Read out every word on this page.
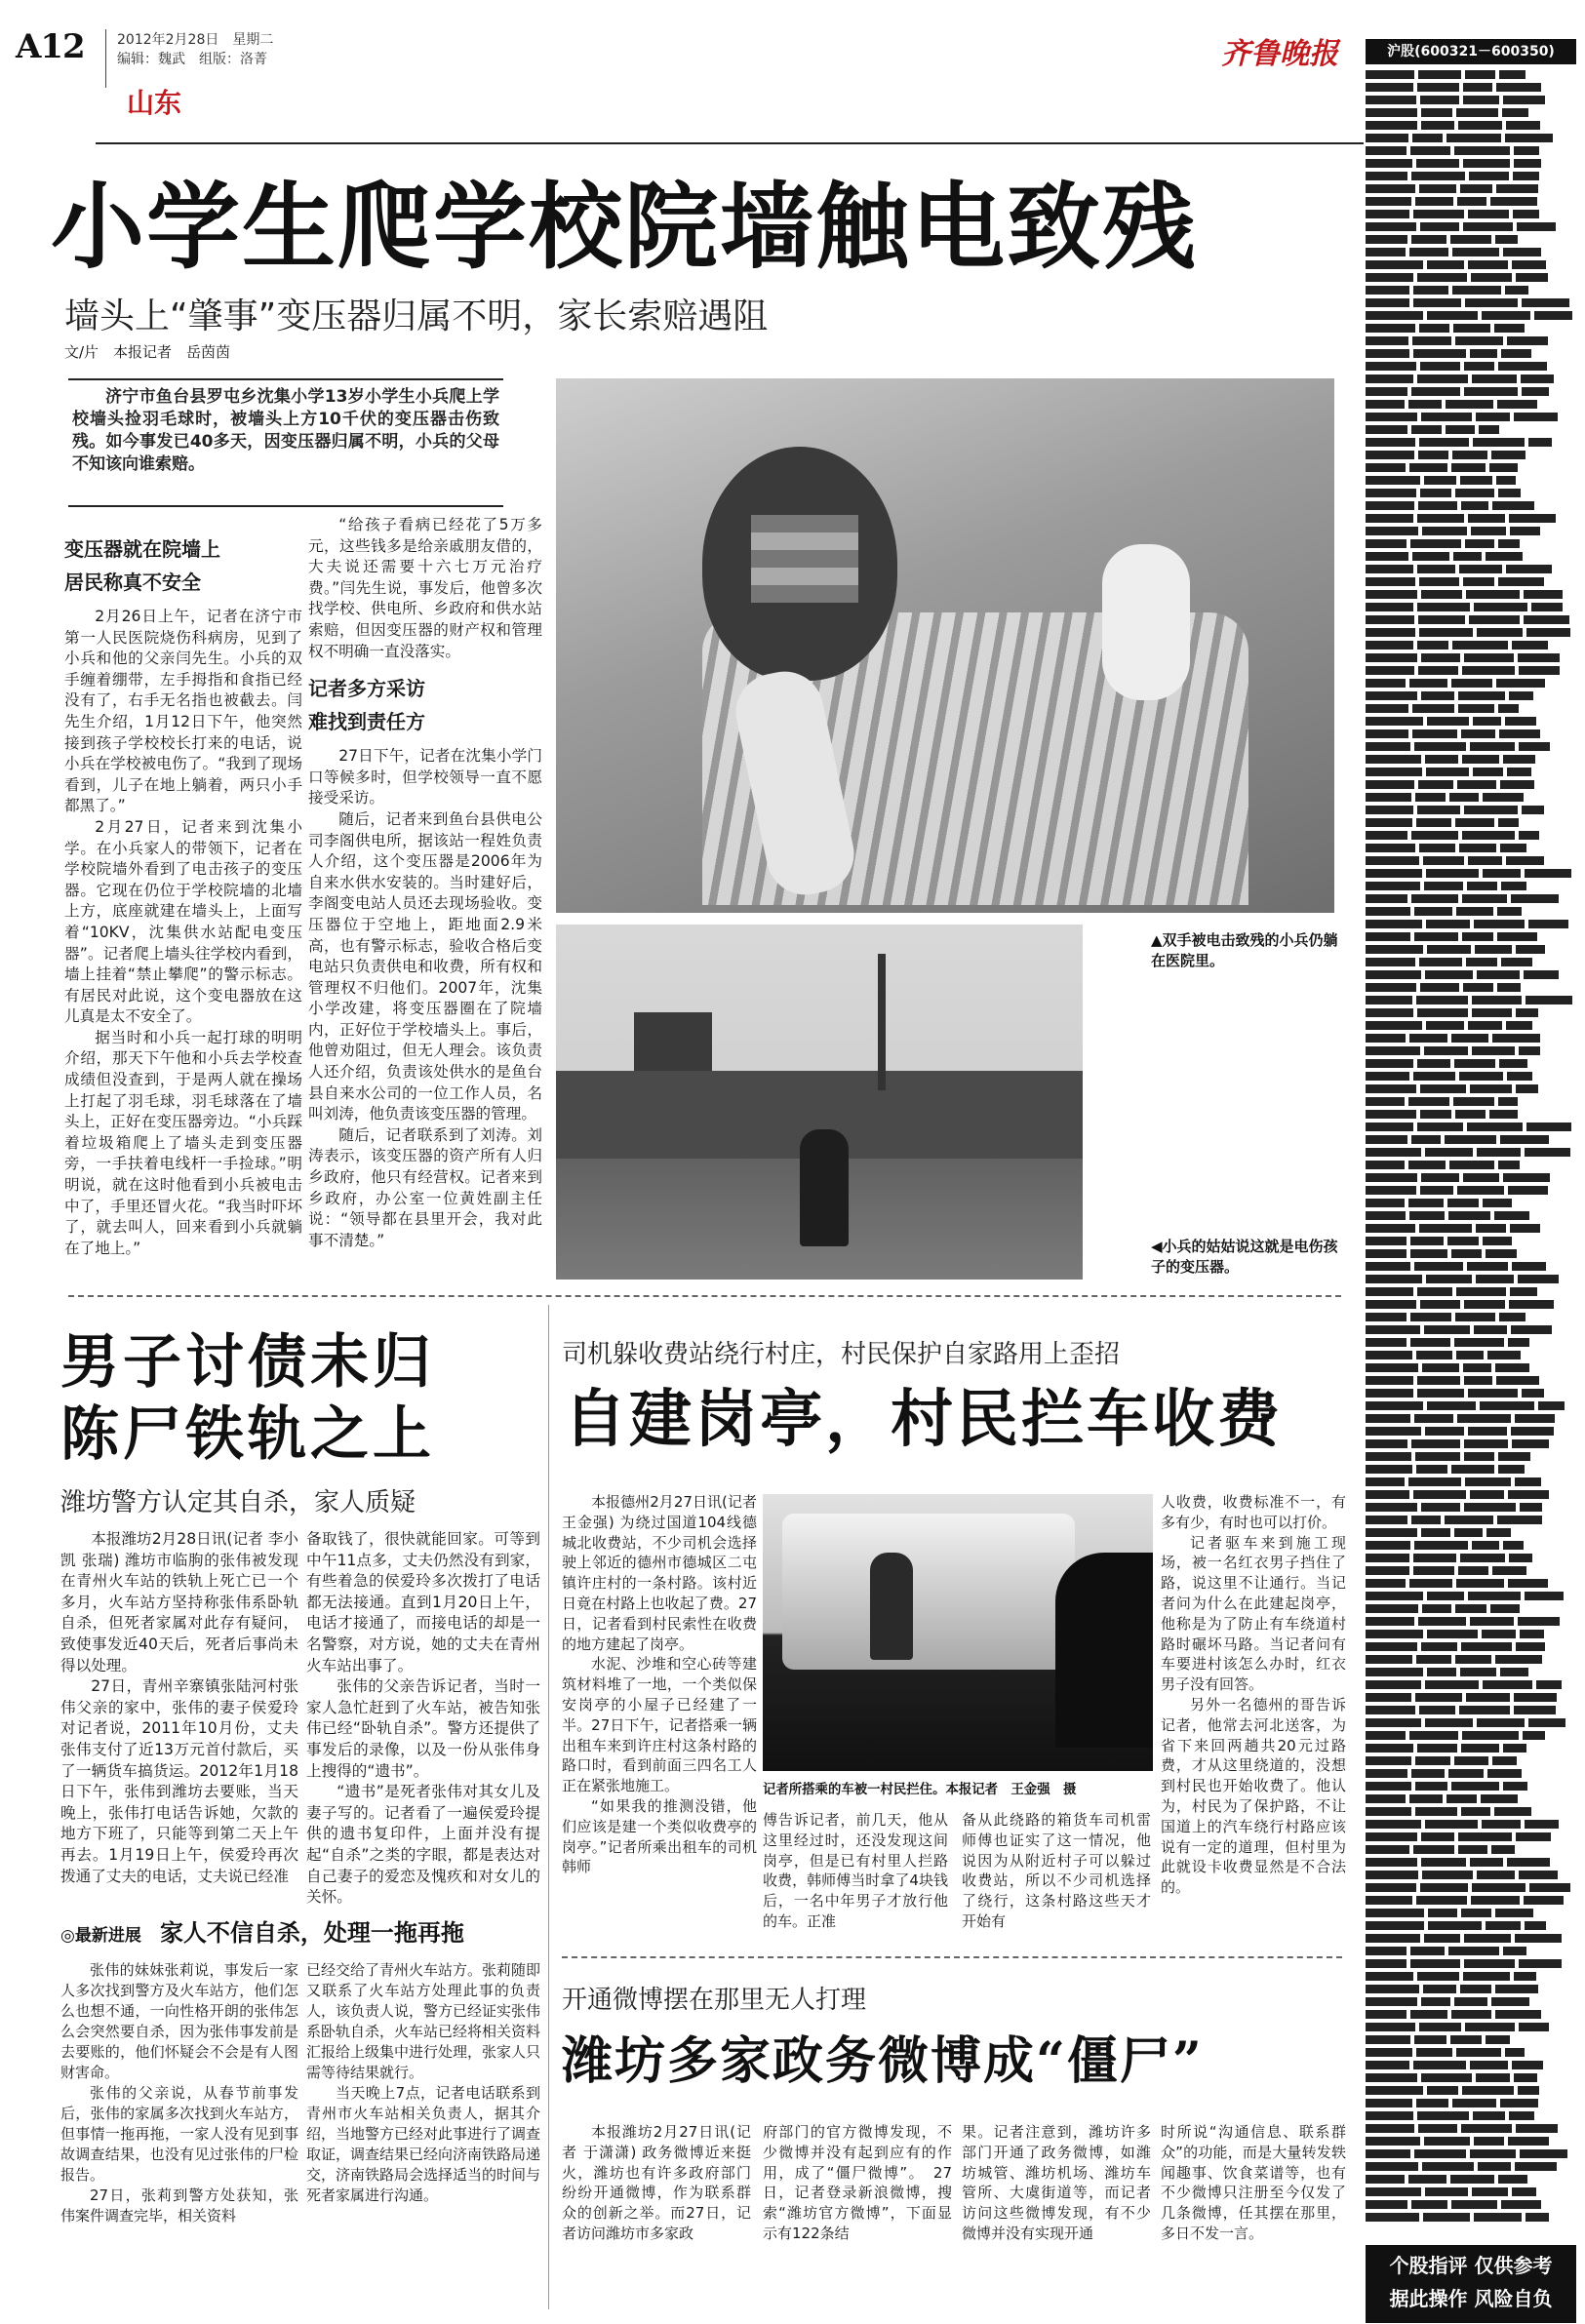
A12 2012年2月28日　星期二
编辑：魏武　组版：洛菁
山东
齐鲁晚报	沪股(600321－600350)
个股指评 仅供参考
据此操作 风险自负
小学生爬学校院墙触电致残
墙头上“肇事”变压器归属不明，家长索赔遇阻
文/片　本报记者　岳茵茵
济宁市鱼台县罗屯乡沈集小学13岁小学生小兵爬上学校墙头捡羽毛球时，被墙头上方10千伏的变压器击伤致残。如今事发已40多天，因变压器归属不明，小兵的父母不知该向谁索赔。
变压器就在院墙上
居民称真不安全

2月26日上午，记者在济宁市第一人民医院烧伤科病房，见到了小兵和他的父亲闫先生。小兵的双手缠着绷带，左手拇指和食指已经没有了，右手无名指也被截去。闫先生介绍，1月12日下午，他突然接到孩子学校校长打来的电话，说小兵在学校被电伤了。“我到了现场看到，儿子在地上躺着，两只小手都黑了。”

2月27日，记者来到沈集小学。在小兵家人的带领下，记者在学校院墙外看到了电击孩子的变压器。它现在仍位于学校院墙的北墙上方，底座就建在墙头上，上面写着“10KV，沈集供水站配电变压器”。记者爬上墙头往学校内看到，墙上挂着“禁止攀爬”的警示标志。有居民对此说，这个变电器放在这儿真是太不安全了。

据当时和小兵一起打球的明明介绍，那天下午他和小兵去学校查成绩但没查到，于是两人就在操场上打起了羽毛球，羽毛球落在了墙头上，正好在变压器旁边。“小兵踩着垃圾箱爬上了墙头走到变压器旁，一手扶着电线杆一手捡球。”明明说，就在这时他看到小兵被电击中了，手里还冒火花。“我当时吓坏了，就去叫人，回来看到小兵就躺在了地上。”

“给孩子看病已经花了5万多元，这些钱多是给亲戚朋友借的，大夫说还需要十六七万元治疗费。”闫先生说，事发后，他曾多次找学校、供电所、乡政府和供水站索赔，但因变压器的财产权和管理权不明确一直没落实。

记者多方采访
难找到责任方

27日下午，记者在沈集小学门口等候多时，但学校领导一直不愿接受采访。

随后，记者来到鱼台县供电公司李阁供电所，据该站一程姓负责人介绍，这个变压器是2006年为自来水供水安装的。当时建好后，李阁变电站人员还去现场验收。变压器位于空地上，距地面2.9米高，也有警示标志，验收合格后变电站只负责供电和收费，所有权和管理权不归他们。2007年，沈集小学改建，将变压器圈在了院墙内，正好位于学校墙头上。事后，他曾劝阻过，但无人理会。该负责人还介绍，负责该处供水的是鱼台县自来水公司的一位工作人员，名叫刘涛，他负责该变压器的管理。

随后，记者联系到了刘涛。刘涛表示，该变压器的资产所有人归乡政府，他只有经营权。记者来到乡政府，办公室一位黄姓副主任说：“领导都在县里开会，我对此事不清楚。”

▲双手被电击致残的小兵仍躺在医院里。
◀小兵的姑姑说这就是电伤孩子的变压器。
男子讨债未归
陈尸铁轨之上
潍坊警方认定其自杀，家人质疑

本报潍坊2月28日讯(记者 李小凯 张瑞) 潍坊市临朐的张伟被发现在青州火车站的铁轨上死亡已一个多月，火车站方坚持称张伟系卧轨自杀，但死者家属对此存有疑问，致使事发近40天后，死者后事尚未得以处理。

27日，青州辛寨镇张陆河村张伟父亲的家中，张伟的妻子侯爱玲对记者说，2011年10月份，丈夫张伟支付了近13万元首付款后，买了一辆货车搞货运。2012年1月18日下午，张伟到潍坊去要账，当天晚上，张伟打电话告诉她，欠款的地方下班了，只能等到第二天上午再去。1月19日上午，侯爱玲再次拨通了丈夫的电话，丈夫说已经准

备取钱了，很快就能回家。可等到中午11点多，丈夫仍然没有到家，有些着急的侯爱玲多次拨打了电话都无法接通。直到1月20日上午，电话才接通了，而接电话的却是一名警察，对方说，她的丈夫在青州火车站出事了。

张伟的父亲告诉记者，当时一家人急忙赶到了火车站，被告知张伟已经“卧轨自杀”。警方还提供了事发后的录像，以及一份从张伟身上搜得的“遗书”。

“遗书”是死者张伟对其女儿及妻子写的。记者看了一遍侯爱玲提供的遗书复印件，上面并没有提起“自杀”之类的字眼，都是表达对自己妻子的爱恋及愧疚和对女儿的关怀。

◎最新进展 家人不信自杀，处理一拖再拖

张伟的妹妹张莉说，事发后一家人多次找到警方及火车站方，他们怎么也想不通，一向性格开朗的张伟怎么会突然要自杀，因为张伟事发前是去要账的，他们怀疑会不会是有人图财害命。

张伟的父亲说，从春节前事发后，张伟的家属多次找到火车站方，但事情一拖再拖，一家人没有见到事故调查结果，也没有见过张伟的尸检报告。

27日，张莉到警方处获知，张伟案件调查完毕，相关资料

已经交给了青州火车站方。张莉随即又联系了火车站方处理此事的负责人，该负责人说，警方已经证实张伟系卧轨自杀，火车站已经将相关资料汇报给上级集中进行处理，张家人只需等待结果就行。

当天晚上7点，记者电话联系到青州市火车站相关负责人，据其介绍，当地警方已经对此事进行了调查取证，调查结果已经向济南铁路局递交，济南铁路局会选择适当的时间与死者家属进行沟通。

司机躲收费站绕行村庄，村民保护自家路用上歪招
自建岗亭，村民拦车收费

本报德州2月27日讯(记者 王金强) 为绕过国道104线德城北收费站，不少司机会选择驶上邻近的德州市德城区二屯镇许庄村的一条村路。该村近日竟在村路上也收起了费。27日，记者看到村民索性在收费的地方建起了岗亭。

水泥、沙堆和空心砖等建筑材料堆了一地，一个类似保安岗亭的小屋子已经建了一半。27日下午，记者搭乘一辆出租车来到许庄村这条村路的路口时，看到前面三四名工人正在紧张地施工。

“如果我的推测没错，他们应该是建一个类似收费亭的岗亭。”记者所乘出租车的司机韩师

记者所搭乘的车被一村民拦住。本报记者　王金强　摄

傅告诉记者，前几天，他从这里经过时，还没发现这间岗亭，但是已有村里人拦路收费，韩师傅当时拿了4块钱后，一名中年男子才放行他的车。正准

备从此绕路的箱货车司机雷师傅也证实了这一情况，他说因为从附近村子可以躲过收费站，所以不少司机选择了绕行，这条村路这些天才开始有

人收费，收费标准不一，有多有少，有时也可以打价。

记者驱车来到施工现场，被一名红衣男子挡住了路，说这里不让通行。当记者问为什么在此建起岗亭，他称是为了防止有车绕道村路时碾坏马路。当记者问有车要进村该怎么办时，红衣男子没有回答。

另外一名德州的哥告诉记者，他常去河北送客，为省下来回两趟共20元过路费，才从这里绕道的，没想到村民也开始收费了。他认为，村民为了保护路，不让国道上的汽车绕行村路应该说有一定的道理，但村里为此就设卡收费显然是不合法的。

开通微博摆在那里无人打理
潍坊多家政务微博成“僵尸”

本报潍坊2月27日讯(记者 于潇潇) 政务微博近来挺火，潍坊也有许多政府部门纷纷开通微博，作为联系群众的创新之举。而27日，记者访问潍坊市多家政

府部门的官方微博发现，不少微博并没有起到应有的作用，成了“僵尸微博”。　27日，记者登录新浪微博，搜索“潍坊官方微博”，下面显示有122条结

果。记者注意到，潍坊许多部门开通了政务微博，如潍坊城管、潍坊机场、潍坊车管所、大虞街道等，而记者访问这些微博发现，有不少微博并没有实现开通

时所说“沟通信息、联系群众”的功能，而是大量转发轶闻趣事、饮食菜谱等，也有不少微博只注册至今仅发了几条微博，任其摆在那里，多日不发一言。
